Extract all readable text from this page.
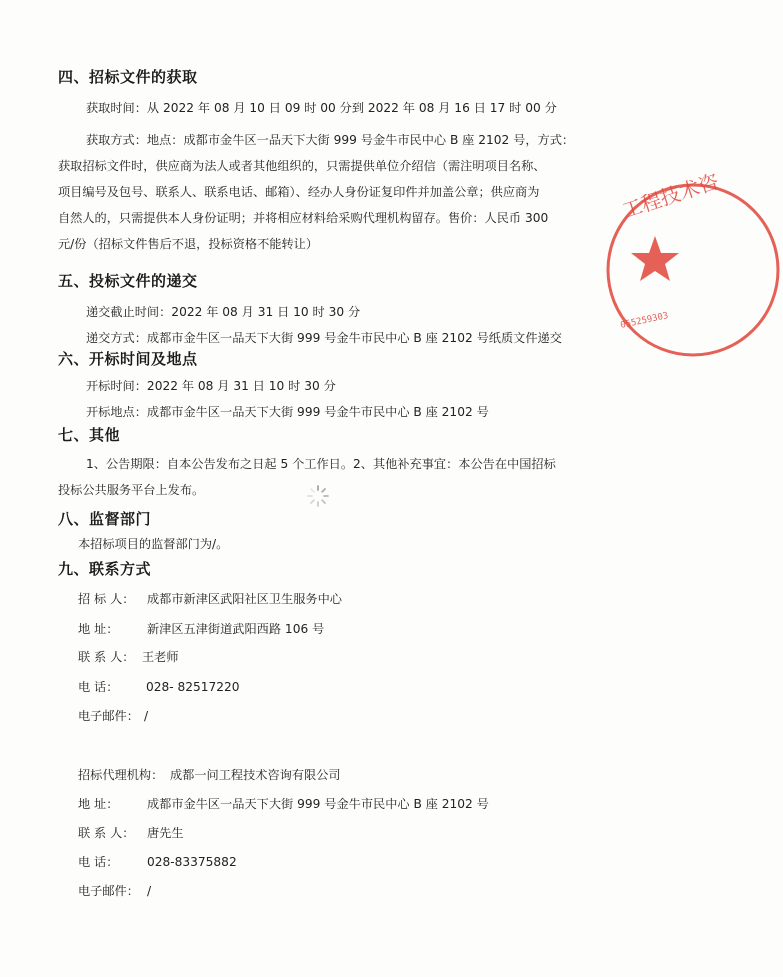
四、招标文件的获取
获取时间：从 2022 年 08 月 10 日 09 时 00 分到 2022 年 08 月 16 日 17 时 00 分
获取方式：地点：成都市金牛区一品天下大街 999 号金牛市民中心 B 座 2102 号，方式：
获取招标文件时，供应商为法人或者其他组织的，只需提供单位介绍信（需注明项目名称、
项目编号及包号、联系人、联系电话、邮箱）、经办人身份证复印件并加盖公章；供应商为
自然人的，只需提供本人身份证明；并将相应材料给采购代理机构留存。售价：人民币 300
元/份（招标文件售后不退，投标资格不能转让）
五、投标文件的递交
递交截止时间：2022 年 08 月 31 日 10 时 30 分
递交方式：成都市金牛区一品天下大街 999 号金牛市民中心 B 座 2102 号纸质文件递交
六、开标时间及地点
开标时间：2022 年 08 月 31 日 10 时 30 分
开标地点：成都市金牛区一品天下大街 999 号金牛市民中心 B 座 2102 号
七、其他
1、公告期限：自本公告发布之日起 5 个工作日。2、其他补充事宜：本公告在中国招标
投标公共服务平台上发布。
八、监督部门
本招标项目的监督部门为/。
九、联系方式
招 标 人： 成都市新津区武阳社区卫生服务中心
地 址： 新津区五津街道武阳西路 106 号
联 系 人： 王老师
电 话： 028- 82517220
电子邮件： /
招标代理机构： 成都一问工程技术咨询有限公司
地 址： 成都市金牛区一品天下大街 999 号金牛市民中心 B 座 2102 号
联 系 人： 唐先生
电 话： 028-83375882
电子邮件： /
工程技术咨
055259303
